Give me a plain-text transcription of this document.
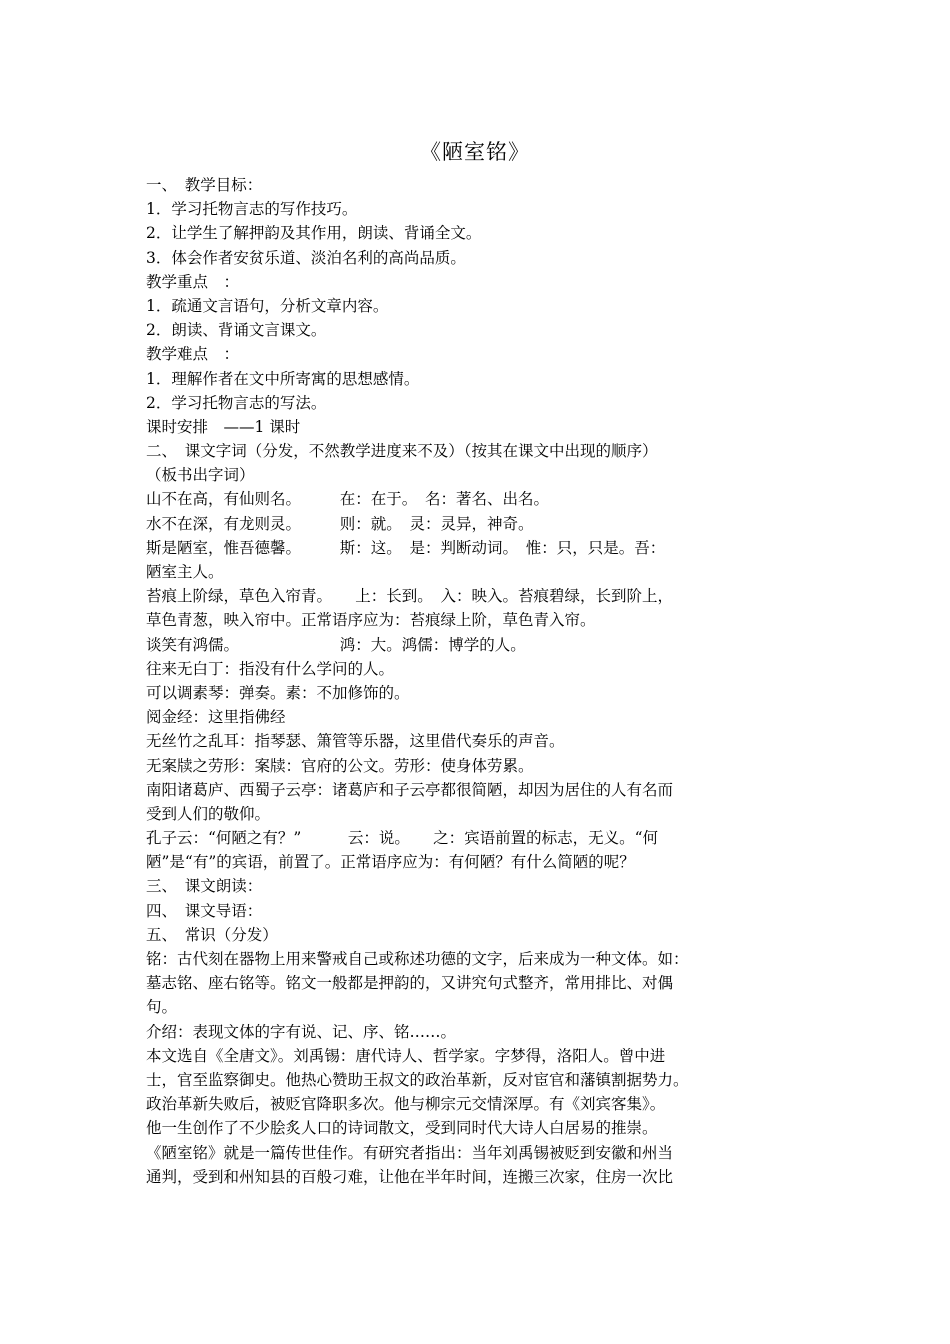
《陋室铭》
一、　教学目标：
1．学习托物言志的写作技巧。
2．让学生了解押韵及其作用，朗读、背诵全文。
3．体会作者安贫乐道、淡泊名利的高尚品质。
教学重点　：
1．疏通文言语句，分析文章内容。
2．朗读、背诵文言课文。
教学难点　：
1．理解作者在文中所寄寓的思想感情。
2．学习托物言志的写法。
课时安排　——1 课时
二、　课文字词（分发，不然教学进度来不及）（按其在课文中出现的顺序）
（板书出字词）
山不在高，有仙则名。　　　在：在于。　名：著名、出名。
水不在深，有龙则灵。　　　则：就。　灵：灵异，神奇。
斯是陋室，惟吾德馨。　　　斯：这。　是：判断动词。　惟：只，只是。吾：
陋室主人。
苔痕上阶绿，草色入帘青。　　上：长到。　入：映入。苔痕碧绿，长到阶上，
草色青葱，映入帘中。正常语序应为：苔痕绿上阶，草色青入帘。
谈笑有鸿儒。　　　　　　　鸿：大。鸿儒：博学的人。
往来无白丁：指没有什么学问的人。
可以调素琴：弹奏。素：不加修饰的。
阅金经：这里指佛经
无丝竹之乱耳：指琴瑟、箫管等乐器，这里借代奏乐的声音。
无案牍之劳形：案牍：官府的公文。劳形：使身体劳累。
南阳诸葛庐、西蜀子云亭：诸葛庐和子云亭都很简陋，却因为居住的人有名而
受到人们的敬仰。
孔子云：“何陋之有？”　　　云：说。　　之：宾语前置的标志，无义。“何
陋”是“有”的宾语，前置了。正常语序应为：有何陋？有什么简陋的呢？
三、　课文朗读：
四、　课文导语：
五、　常识（分发）
铭：古代刻在器物上用来警戒自己或称述功德的文字，后来成为一种文体。如：
墓志铭、座右铭等。铭文一般都是押韵的，又讲究句式整齐，常用排比、对偶
句。
介绍：表现文体的字有说、记、序、铭……。
本文选自《全唐文》。刘禹锡：唐代诗人、哲学家。字梦得，洛阳人。曾中进
士，官至监察御史。他热心赞助王叔文的政治革新，反对宦官和藩镇割据势力。
政治革新失败后，被贬官降职多次。他与柳宗元交情深厚。有《刘宾客集》。
他一生创作了不少脍炙人口的诗词散文，受到同时代大诗人白居易的推崇。
《陋室铭》就是一篇传世佳作。有研究者指出：当年刘禹锡被贬到安徽和州当
通判，受到和州知县的百般刁难，让他在半年时间，连搬三次家，住房一次比
